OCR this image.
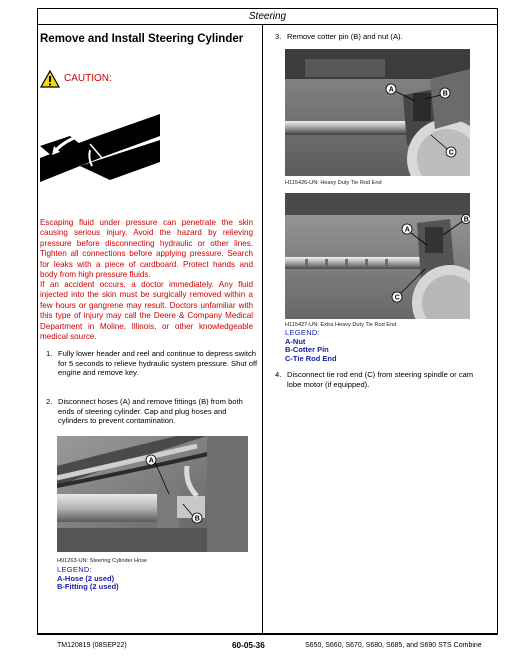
Steering
Remove and Install Steering Cylinder
CAUTION:

Escaping fluid under pressure can penetrate the skin causing serious injury. Avoid the hazard by relieving pressure before disconnecting hydraulic or other lines. Tighten all connections before applying pressure. Search for leaks with a piece of cardboard. Protect hands and body from high pressure fluids.

If an accident occurs, a doctor immediately. Any fluid injected into the skin must be surgically removed within a few hours or gangrene may result. Doctors unfamiliar with this type of injury may call the Deere & Company Medical Department in Moline, Illinois, or other knowledgeable medical source.

1. Fully lower header and reel and continue to depress switch for 5 seconds to relieve hydraulic system pressure. Shut off engine and remove key.
2. Disconnect hoses (A) and remove fittings (B) from both ends of steering cylinder. Cap and plug hoses and cylinders to prevent contamination.
A
B
H91263-UN: Steering Cylinder Hose
LEGEND:
A-Hose (2 used)
B-Fitting (2 used)
3. Remove cotter pin (B) and nut (A).
A
B
C
H115426-UN: Heavy Duty Tie Rod End
A
B
C
H115427-UN: Extra Heavy Duty Tie Rod End
LEGEND:
A-Nut
B-Cotter Pin
C-Tie Rod End
4. Disconnect tie rod end (C) from steering spindle or cam lobe motor (if equipped).
TM120819 (08SEP22)	60-05-36	S650, S660, S670, S680, S685, and S690 STS Combine
